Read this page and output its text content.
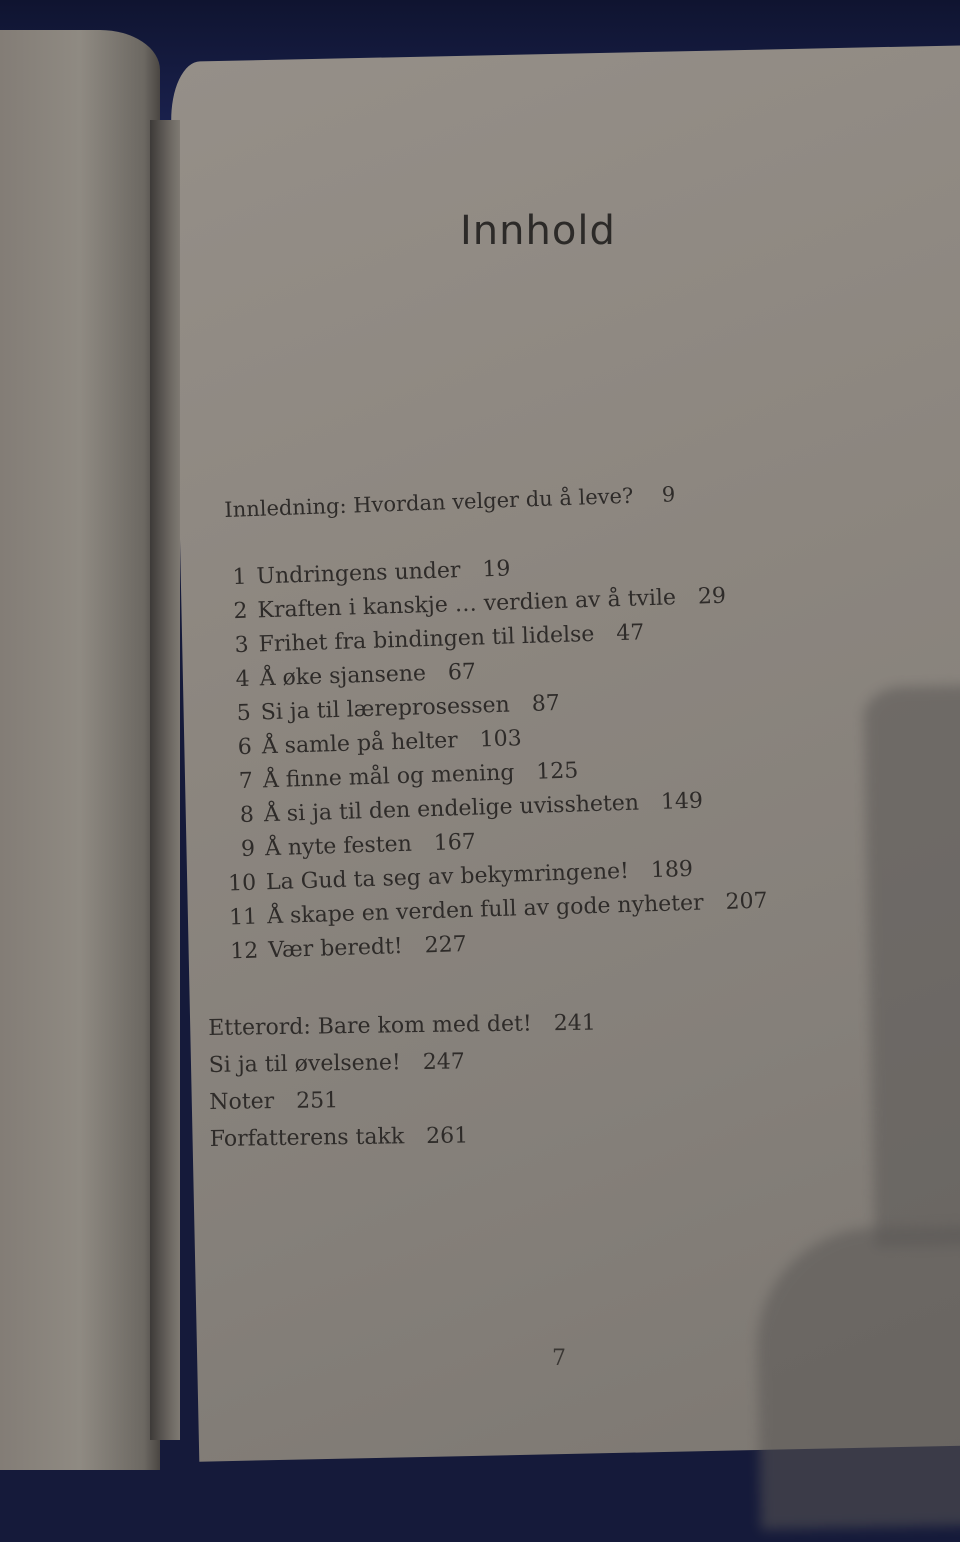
Innhold
Innledning: Hvordan velger du å leve? 9
1 Undringens under 19
2 Kraften i kanskje … verdien av å tvile 29
3 Frihet fra bindingen til lidelse 47
4 Å øke sjansene 67
5 Si ja til læreprosessen 87
6 Å samle på helter 103
7 Å finne mål og mening 125
8 Å si ja til den endelige uvissheten 149
9 Å nyte festen 167
10 La Gud ta seg av bekymringene! 189
11 Å skape en verden full av gode nyheter 207
12 Vær beredt! 227
Etterord: Bare kom med det! 241
Si ja til øvelsene! 247
Noter 251
Forfatterens takk 261
7
